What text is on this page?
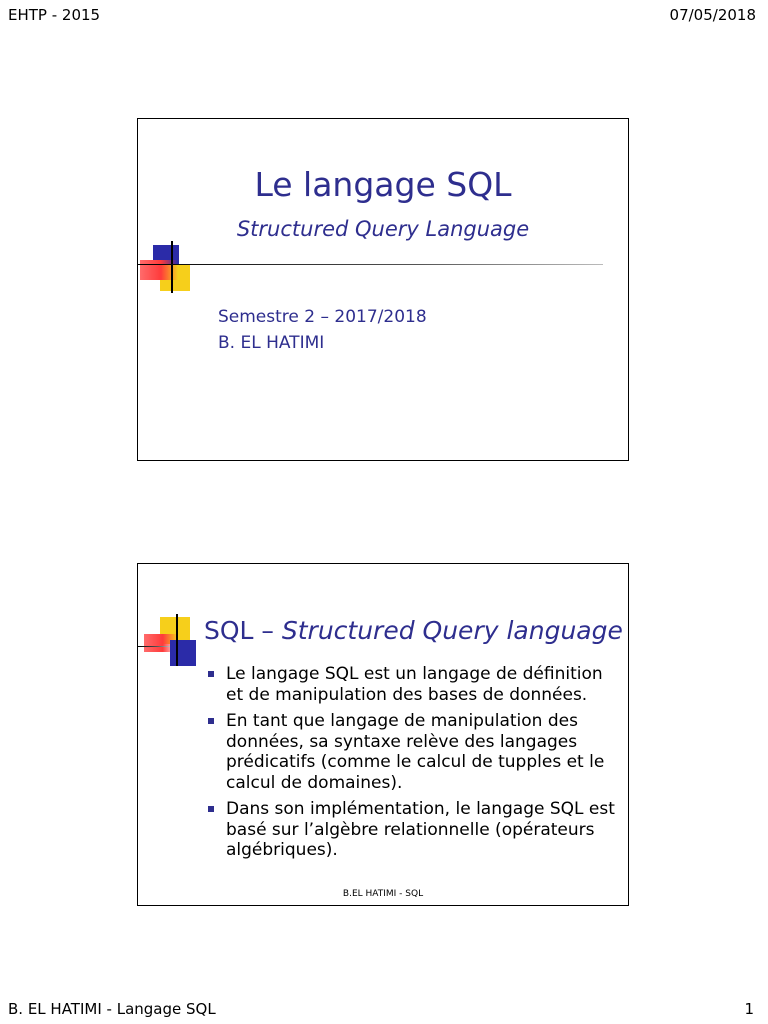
EHTP - 2015	07/05/2018
Le langage SQL
Structured Query Language
Semestre 2 – 2017/2018
B. EL HATIMI
SQL – Structured Query language
Le langage SQL est un langage de définition et de manipulation des bases de données.
En tant que langage de manipulation des données, sa syntaxe relève des langages prédicatifs (comme le calcul de tupples et le calcul de domaines).
Dans son implémentation, le langage SQL est basé sur l’algèbre relationnelle (opérateurs algébriques).
B.EL HATIMI - SQL
B. EL HATIMI - Langage SQL	1
